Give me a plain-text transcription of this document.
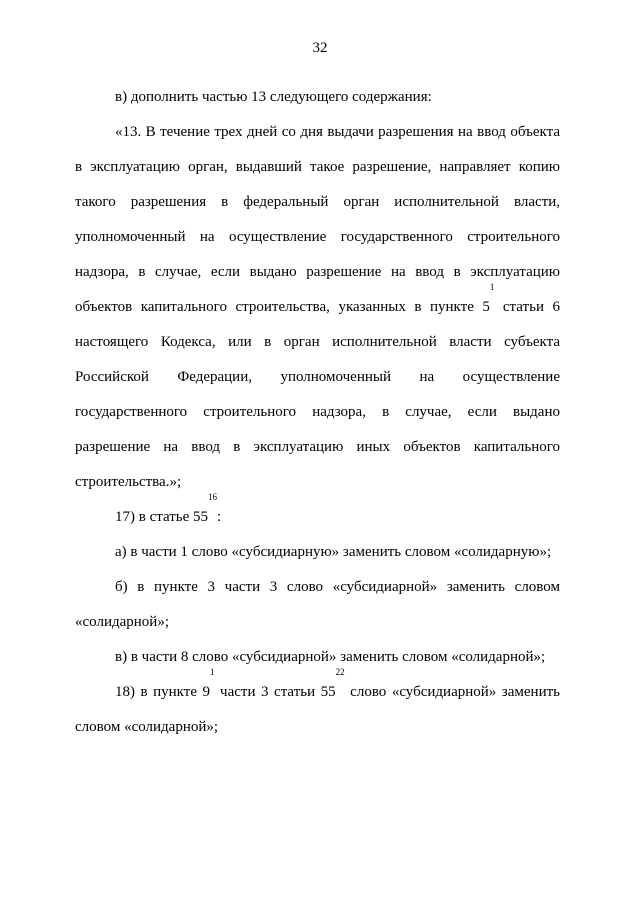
32
в) дополнить частью 13 следующего содержания:
«13. В течение трех дней со дня выдачи разрешения на ввод объекта
в эксплуатацию орган, выдавший такое разрешение, направляет копию
такого разрешения в федеральный орган исполнительной власти,
уполномоченный на осуществление государственного строительного
надзора, в случае, если выдано разрешение на ввод в эксплуатацию
объектов капитального строительства, указанных в пункте $5^1$ статьи 6
настоящего Кодекса, или в орган исполнительной власти субъекта
Российской Федерации, уполномоченный на осуществление
государственного строительного надзора, в случае, если выдано
разрешение на ввод в эксплуатацию иных объектов капитального
строительства.»;
17) в статье $55^{16}$:
а) в части 1 слово «субсидиарную» заменить словом «солидарную»;
б) в пункте 3 части 3 слово «субсидиарной» заменить словом
«солидарной»;
в) в части 8 слово «субсидиарной» заменить словом «солидарной»;
18) в пункте $9^1$ части 3 статьи $55^{22}$ слово «субсидиарной» заменить
словом «солидарной»;
